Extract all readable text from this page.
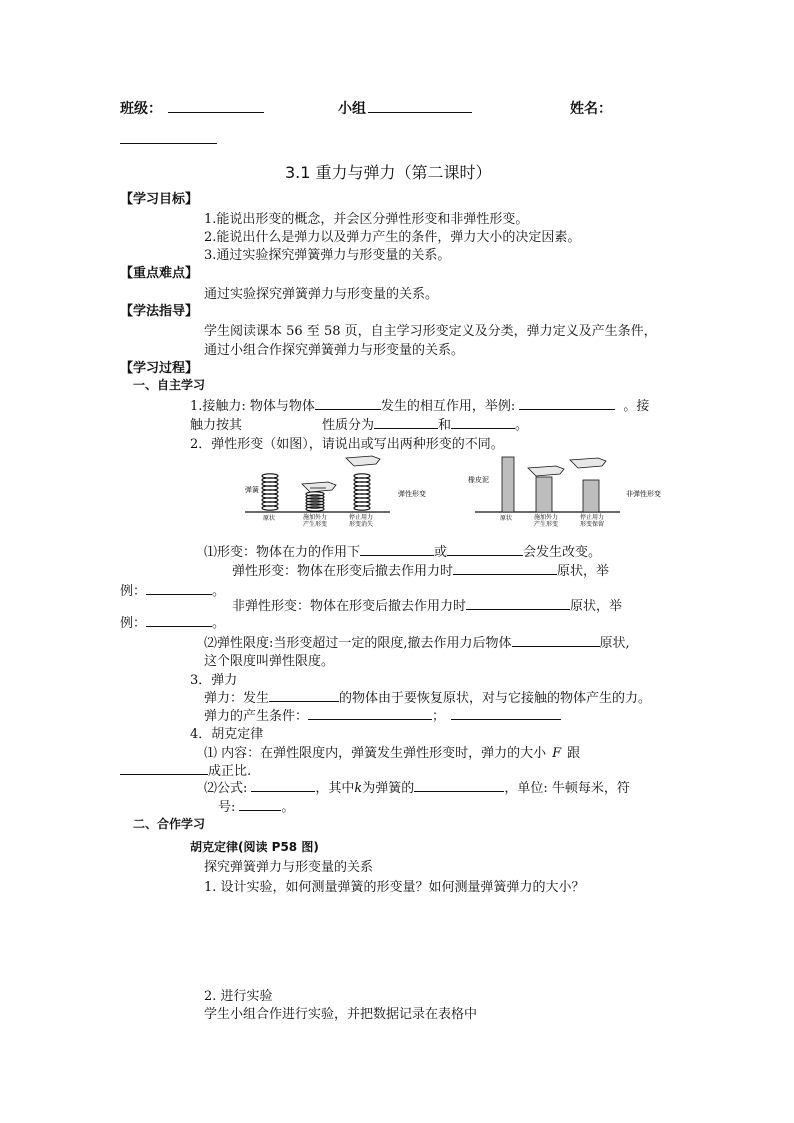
班级：	小组	姓名：
3.1 重力与弹力（第二课时）
【学习目标】
1.能说出形变的概念，并会区分弹性形变和非弹性形变。
2.能说出什么是弹力以及弹力产生的条件，弹力大小的决定因素。
3.通过实验探究弹簧弹力与形变量的关系。
【重点难点】
通过实验探究弹簧弹力与形变量的关系。
【学法指导】
学生阅读课本 56 至 58 页，自主学习形变定义及分类，弹力定义及产生条件，
通过小组合作探究弹簧弹力与形变量的关系。
【学习过程】
一、自主学习
1.接触力: 物体与物体	发生的相互作用，举例:	。接
触力按其	性质分为	和	。
2．弹性形变（如图），请说出或写出两种形变的不同。
弹簧
原状	施加外力
产生形变
停止用力
形变消失
弹性形变
橡皮泥
原状	施加外力
产生形变
停止用力
形变保留
非弹性形变
⑴形变：物体在力的作用下	或	会发生改变。
弹性形变：物体在形变后撤去作用力时	原状，举
例：	。
非弹性形变：物体在形变后撤去作用力时	原状，举
例：	。
⑵弹性限度:当形变超过一定的限度,撤去作用力后物体	原状,
这个限度叫弹性限度。
3．弹力
弹力：发生	的物体由于要恢复原状，对与它接触的物体产生的力。
弹力的产生条件：	；
4．胡克定律
⑴ 内容：在弹性限度内，弹簧发生弹性形变时，弹力的大小 F 跟
成正比.
⑵公式:	，其中k为弹簧的	，单位: 牛顿每米，符
号:	。
二、合作学习
胡克定律(阅读 P58 图)
探究弹簧弹力与形变量的关系
1. 设计实验，如何测量弹簧的形变量？如何测量弹簧弹力的大小？
2. 进行实验
学生小组合作进行实验，并把数据记录在表格中
